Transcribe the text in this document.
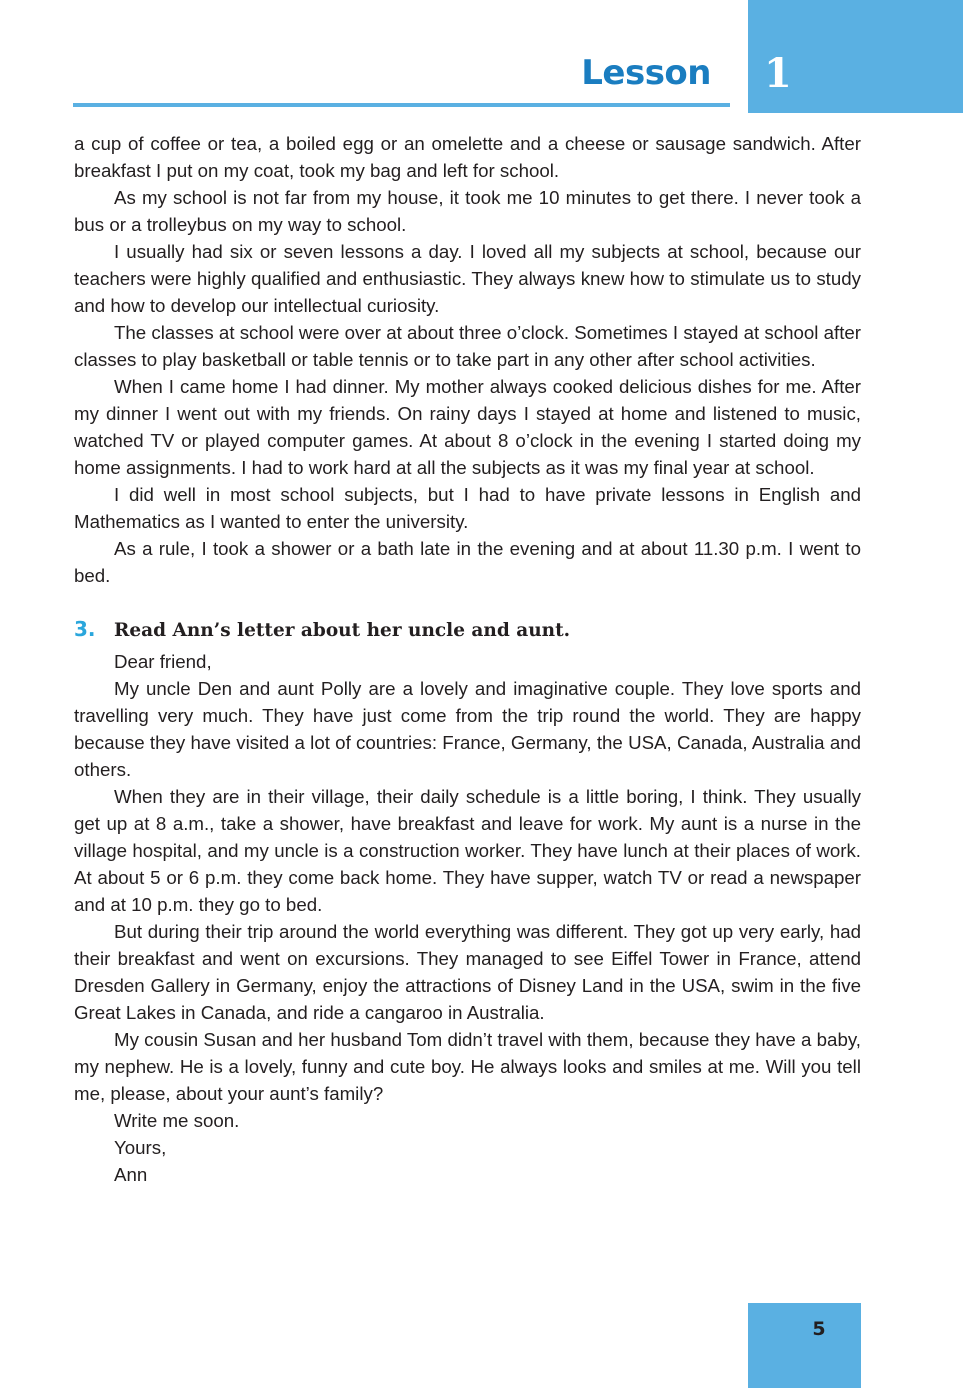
1
Lesson

a cup of coffee or tea, a boiled egg or an omelette and a cheese or sausage sandwich. After breakfast I put on my coat, took my bag and left for school.

As my school is not far from my house, it took me 10 minutes to get there. I never took a bus or a trolleybus on my way to school.

I usually had six or seven lessons a day. I loved all my subjects at school, because our teachers were highly qualified and enthusiastic. They always knew how to stimulate us to study and how to develop our intellectual curiosity.

The classes at school were over at about three o’clock. Sometimes I stayed at school after classes to play basketball or table tennis or to take part in any other after school activities.

When I came home I had dinner. My mother always cooked delicious dishes for me. After my dinner I went out with my friends. On rainy days I stayed at home and listened to music, watched TV or played computer games. At about 8 o’clock in the evening I started doing my home assignments. I had to work hard at all the subjects as it was my final year at school.

I did well in most school subjects, but I had to have private lessons in English and Mathematics as I wanted to enter the university.

As a rule, I took a shower or a bath late in the evening and at about 11.30 p.m. I went to bed.

3. Read Ann’s letter about her uncle and aunt.

Dear friend,

My uncle Den and aunt Polly are a lovely and imaginative couple. They love sports and travelling very much. They have just come from the trip round the world. They are happy because they have visited a lot of countries: France, Germany, the USA, Canada, Australia and others.

When they are in their village, their daily schedule is a little boring, I think. They usually get up at 8 a.m., take a shower, have breakfast and leave for work. My aunt is a nurse in the village hospital, and my uncle is a construction worker. They have lunch at their places of work. At about 5 or 6 p.m. they come back home. They have supper, watch TV or read a newspaper and at 10 p.m. they go to bed.

But during their trip around the world everything was different. They got up very early, had their breakfast and went on excursions. They managed to see Eiffel Tower in France, attend Dresden Gallery in Germany, enjoy the attractions of Disney Land in the USA, swim in the five Great Lakes in Canada, and ride a cangaroo in Australia.

My cousin Susan and her husband Tom didn’t travel with them, because they have a baby, my nephew. He is a lovely, funny and cute boy. He always looks and smiles at me. Will you tell me, please, about your aunt’s family?

Write me soon.

Yours,

Ann

5
